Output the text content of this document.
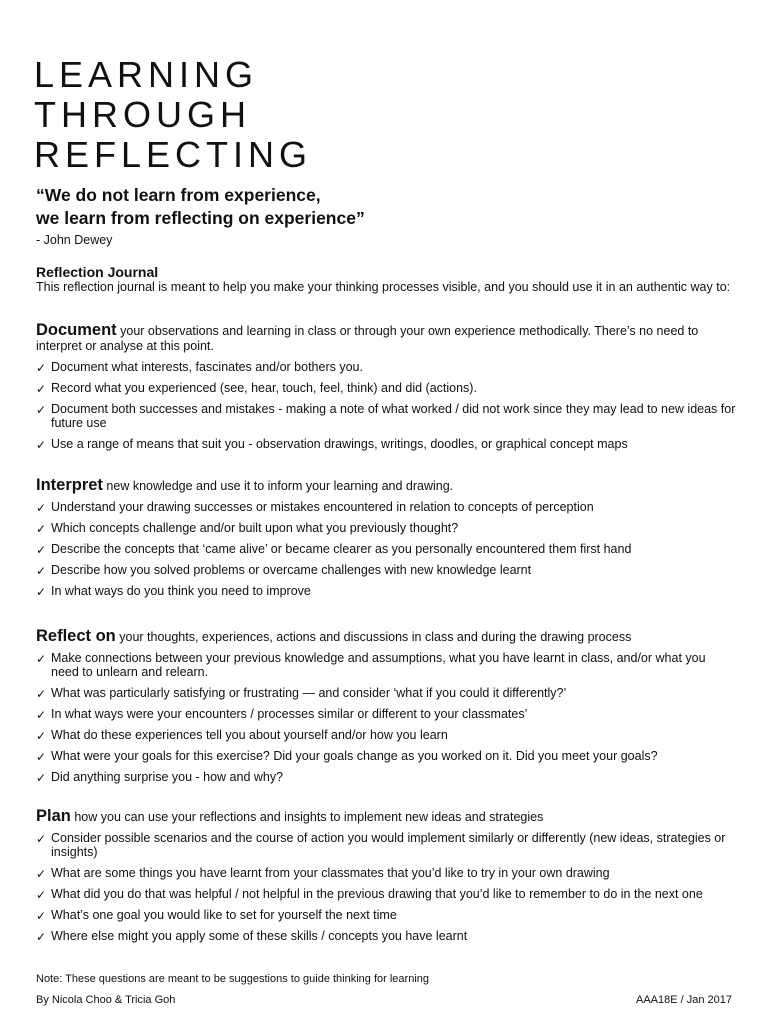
LEARNING
THROUGH
REFLECTING
“We do not learn from experience,
we learn from reflecting on experience”
- John Dewey
Reflection Journal
This reflection journal is meant to help you make your thinking processes visible, and you should use it in an authentic way to:
Document your observations and learning in class or through your own experience methodically. There’s no need to interpret or analyse at this point.
✓ Document what interests, fascinates and/or bothers you.
✓ Record what you experienced (see, hear, touch, feel, think) and did (actions).
✓ Document both successes and mistakes - making a note of what worked / did not work since they may lead to new ideas for future use
✓ Use a range of means that suit you - observation drawings, writings, doodles, or graphical concept maps
Interpret new knowledge and use it to inform your learning and drawing.
✓ Understand your drawing successes or mistakes encountered in relation to concepts of perception
✓ Which concepts challenge and/or built upon what you previously thought?
✓ Describe the concepts that ‘came alive’ or became clearer as you personally encountered them first hand
✓ Describe how you solved problems or overcame challenges with new knowledge learnt
✓ In what ways do you think you need to improve
Reflect on your thoughts, experiences, actions and discussions in class and during the drawing process
✓ Make connections between your previous knowledge and assumptions, what you have learnt in class, and/or what you need to unlearn and relearn.
✓ What was particularly satisfying or frustrating — and consider ‘what if you could it differently?’
✓ In what ways were your encounters / processes similar or different to your classmates’
✓ What do these experiences tell you about yourself and/or how you learn
✓ What were your goals for this exercise? Did your goals change as you worked on it. Did you meet your goals?
✓ Did anything surprise you - how and why?
Plan how you can use your reflections and insights to implement new ideas and strategies
✓ Consider possible scenarios and the course of action you would implement similarly or differently (new ideas, strategies or insights)
✓ What are some things you have learnt from your classmates that you’d like to try in your own drawing
✓ What did you do that was helpful / not helpful in the previous drawing that you’d like to remember to do in the next one
✓ What’s one goal you would like to set for yourself the next time
✓ Where else might you apply some of these skills / concepts you have learnt
Note: These questions are meant to be suggestions to guide thinking for learning
By Nicola Choo & Tricia Goh	AAA18E / Jan 2017
